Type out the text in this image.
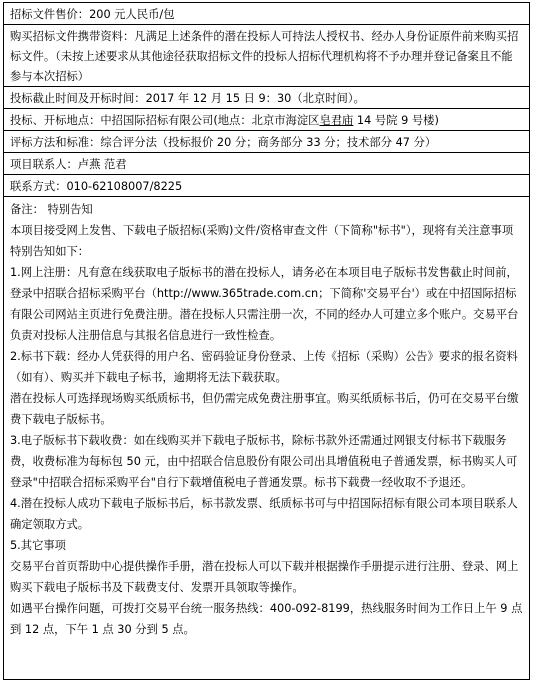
招标文件售价：200 元人民币/包
购买招标文件携带资料：凡满足上述条件的潜在投标人可持法人授权书、经办人身份证原件前来购买招标文件。（未按上述要求从其他途径获取招标文件的投标人招标代理机构将不予办理并登记备案且不能参与本次招标）
投标截止时间及开标时间：2017 年 12 月 15 日 9：30（北京时间）。
投标、开标地点：中招国际招标有限公司(地点：北京市海淀区皂君庙 14 号院 9 号楼)
评标方法和标准：综合评分法（投标报价 20 分；商务部分 33 分；技术部分 47 分）
项目联系人：卢燕 范君
联系方式：010-62108007/8225
备注： 特别告知
本项目接受网上发售、下载电子版招标(采购)文件/资格审查文件（下简称"标书"），现将有关注意事项特别告知如下：
1.网上注册：凡有意在线获取电子版标书的潜在投标人，请务必在本项目电子版标书发售截止时间前，登录中招联合招标采购平台（http://www.365trade.com.cn；下简称'交易平台'）或在中招国际招标有限公司网站主页进行免费注册。潜在投标人只需注册一次，不同的经办人可建立多个账户。交易平台负责对投标人注册信息与其报名信息进行一致性检查。
2.标书下载：经办人凭获得的用户名、密码验证身份登录、上传《招标（采购）公告》要求的报名资料（如有）、购买并下载电子标书，逾期将无法下载获取。
潜在投标人可选择现场购买纸质标书，但仍需完成免费注册事宜。购买纸质标书后，仍可在交易平台缴费下载电子版标书。
3.电子版标书下载收费：如在线购买并下载电子版标书，除标书款外还需通过网银支付标书下载服务费，收费标准为每标包 50 元，由中招联合信息股份有限公司出具增值税电子普通发票，标书购买人可登录"中招联合招标采购平台"自行下载增值税电子普通发票。标书下载费一经收取不予退还。
4.潜在投标人成功下载电子版标书后，标书款发票、纸质标书可与中招国际招标有限公司本项目联系人确定领取方式。
5.其它事项
交易平台首页帮助中心提供操作手册，潜在投标人可以下载并根据操作手册提示进行注册、登录、网上购买下载电子版标书及下载费支付、发票开具领取等操作。
如遇平台操作问题，可拨打交易平台统一服务热线：400-092-8199，热线服务时间为工作日上午 9 点到 12 点，下午 1 点 30 分到 5 点。
